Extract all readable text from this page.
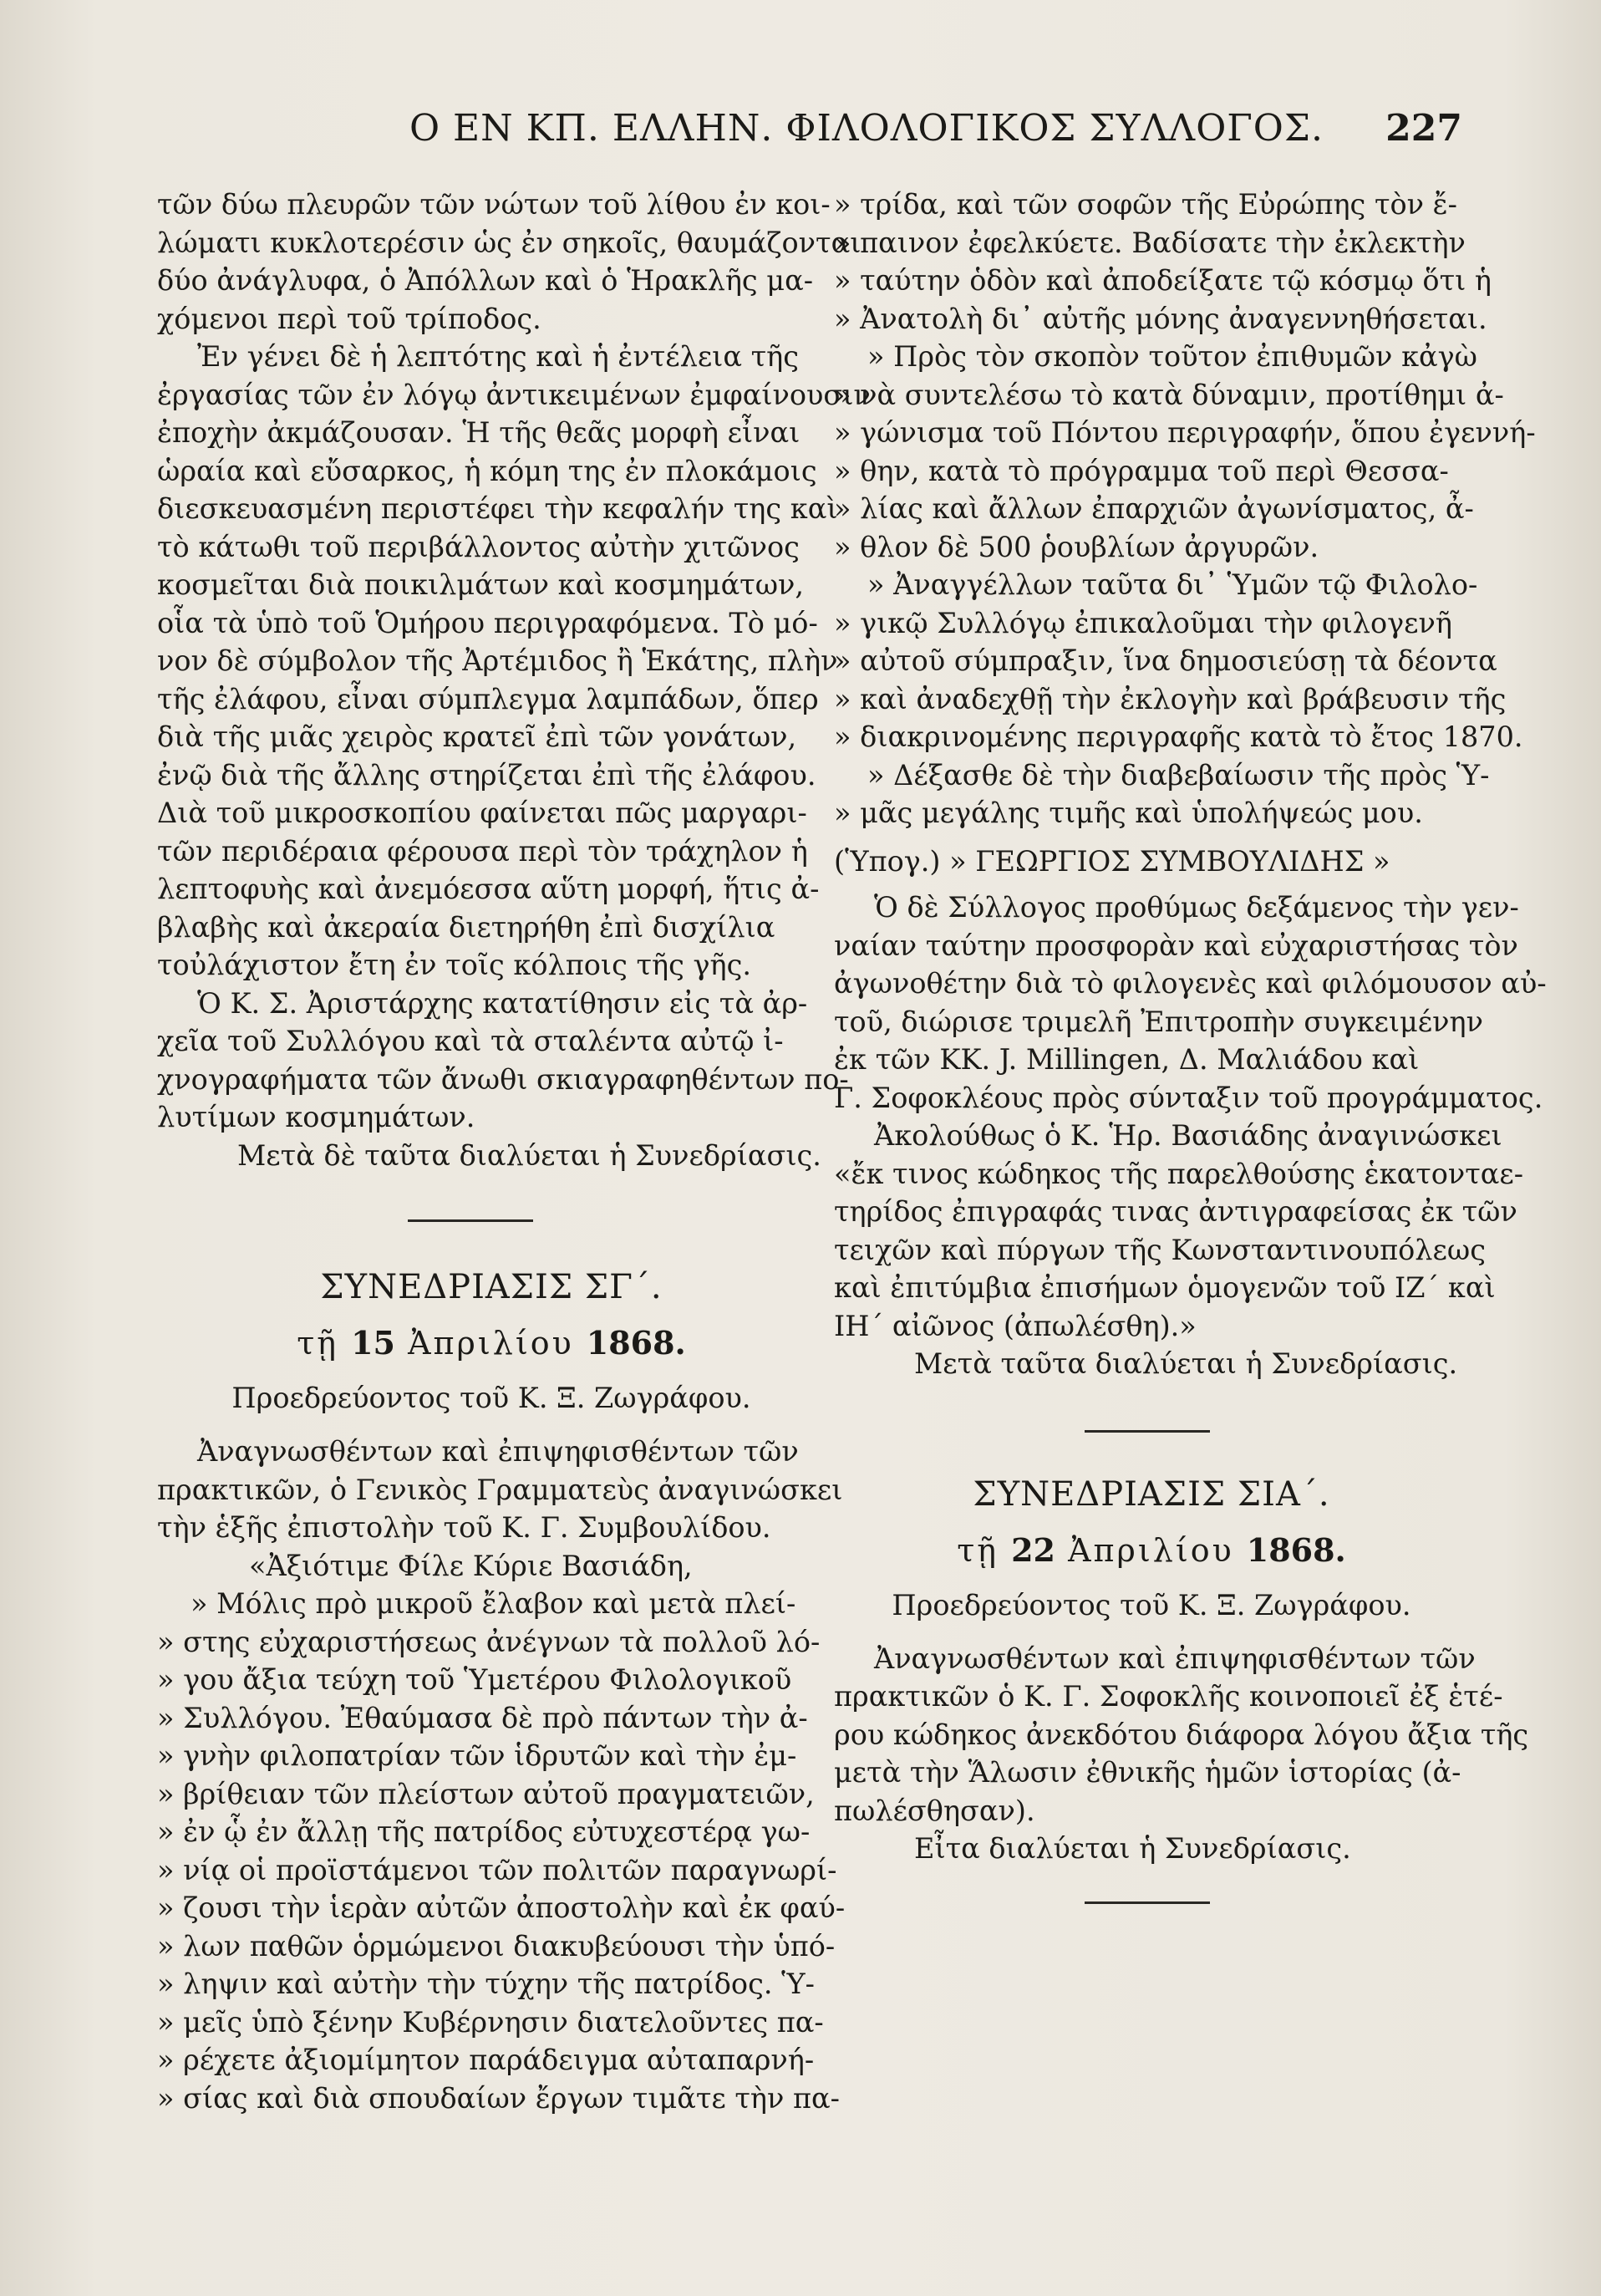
Ο ΕΝ ΚΠ. ΕΛΛΗΝ. ΦΙΛΟΛΟΓΙΚΟΣ ΣΥΛΛΟΓΟΣ. 227
τῶν δύω πλευρῶν τῶν νώτων τοῦ λίθου ἐν κοι-
λώματι κυκλοτερέσιν ὡς ἐν σηκοῖς, θαυμάζονται
δύο ἀνάγλυφα, ὁ Ἀπόλλων καὶ ὁ Ἡρακλῆς μα-
χόμενοι περὶ τοῦ τρίποδος.
Ἐν γένει δὲ ἡ λεπτότης καὶ ἡ ἐντέλεια τῆς
ἐργασίας τῶν ἐν λόγῳ ἀντικειμένων ἐμφαίνουσιν
ἐποχὴν ἀκμάζουσαν. Ἡ τῆς θεᾶς μορφὴ εἶναι
ὡραία καὶ εὔσαρκος, ἡ κόμη της ἐν πλοκάμοις
διεσκευασμένη περιστέφει τὴν κεφαλήν της καὶ
τὸ κάτωθι τοῦ περιβάλλοντος αὐτὴν χιτῶνος
κοσμεῖται διὰ ποικιλμάτων καὶ κοσμημάτων,
οἷα τὰ ὑπὸ τοῦ Ὁμήρου περιγραφόμενα. Τὸ μό-
νον δὲ σύμβολον τῆς Ἀρτέμιδος ἢ Ἑκάτης, πλὴν
τῆς ἐλάφου, εἶναι σύμπλεγμα λαμπάδων, ὅπερ
διὰ τῆς μιᾶς χειρὸς κρατεῖ ἐπὶ τῶν γονάτων,
ἐνῷ διὰ τῆς ἄλλης στηρίζεται ἐπὶ τῆς ἐλάφου.
Διὰ τοῦ μικροσκοπίου φαίνεται πῶς μαργαρι-
τῶν περιδέραια φέρουσα περὶ τὸν τράχηλον ἡ
λεπτοφυὴς καὶ ἀνεμόεσσα αὕτη μορφή, ἥτις ἀ-
βλαβὴς καὶ ἀκεραία διετηρήθη ἐπὶ δισχίλια
τοὐλάχιστον ἔτη ἐν τοῖς κόλποις τῆς γῆς.
Ὁ Κ. Σ. Ἀριστάρχης κατατίθησιν εἰς τὰ ἀρ-
χεῖα τοῦ Συλλόγου καὶ τὰ σταλέντα αὐτῷ ἰ-
χνογραφήματα τῶν ἄνωθι σκιαγραφηθέντων πο-
λυτίμων κοσμημάτων.
Μετὰ δὲ ταῦτα διαλύεται ἡ Συνεδρίασις.
ΣΥΝΕΔΡΙΑΣΙΣ ΣΓ΄.
τῇ 15 Ἀπριλίου 1868.
Προεδρεύοντος τοῦ Κ. Ξ. Ζωγράφου.
Ἀναγνωσθέντων καὶ ἐπιψηφισθέντων τῶν
πρακτικῶν, ὁ Γενικὸς Γραμματεὺς ἀναγινώσκει
τὴν ἑξῆς ἐπιστολὴν τοῦ Κ. Γ. Συμβουλίδου.
«Ἀξιότιμε Φίλε Κύριε Βασιάδη,
» Μόλις πρὸ μικροῦ ἔλαβον καὶ μετὰ πλεί-
» στης εὐχαριστήσεως ἀνέγνων τὰ πολλοῦ λό-
» γου ἄξια τεύχη τοῦ Ὑμετέρου Φιλολογικοῦ
» Συλλόγου. Ἐθαύμασα δὲ πρὸ πάντων τὴν ἀ-
» γνὴν φιλοπατρίαν τῶν ἱδρυτῶν καὶ τὴν ἐμ-
» βρίθειαν τῶν πλείστων αὐτοῦ πραγματειῶν,
» ἐν ᾧ ἐν ἄλλῃ τῆς πατρίδος εὐτυχεστέρᾳ γω-
» νίᾳ οἱ προϊστάμενοι τῶν πολιτῶν παραγνωρί-
» ζουσι τὴν ἱερὰν αὐτῶν ἀποστολὴν καὶ ἐκ φαύ-
» λων παθῶν ὁρμώμενοι διακυβεύουσι τὴν ὑπό-
» ληψιν καὶ αὐτὴν τὴν τύχην τῆς πατρίδος. Ὑ-
» μεῖς ὑπὸ ξένην Κυβέρνησιν διατελοῦντες πα-
» ρέχετε ἀξιομίμητον παράδειγμα αὐταπαρνή-
» σίας καὶ διὰ σπουδαίων ἔργων τιμᾶτε τὴν πα-
» τρίδα, καὶ τῶν σοφῶν τῆς Εὐρώπης τὸν ἔ-
» παινον ἐφελκύετε. Βαδίσατε τὴν ἐκλεκτὴν
» ταύτην ὁδὸν καὶ ἀποδείξατε τῷ κόσμῳ ὅτι ἡ
» Ἀνατολὴ δι᾽ αὐτῆς μόνης ἀναγεννηθήσεται.
» Πρὸς τὸν σκοπὸν τοῦτον ἐπιθυμῶν κἀγὼ
» νὰ συντελέσω τὸ κατὰ δύναμιν, προτίθημι ἀ-
» γώνισμα τοῦ Πόντου περιγραφήν, ὅπου ἐγεννή-
» θην, κατὰ τὸ πρόγραμμα τοῦ περὶ Θεσσα-
» λίας καὶ ἄλλων ἐπαρχιῶν ἀγωνίσματος, ἆ-
» θλον δὲ 500 ῥουβλίων ἀργυρῶν.
» Ἀναγγέλλων ταῦτα δι᾽ Ὑμῶν τῷ Φιλολο-
» γικῷ Συλλόγῳ ἐπικαλοῦμαι τὴν φιλογενῆ
» αὐτοῦ σύμπραξιν, ἵνα δημοσιεύσῃ τὰ δέοντα
» καὶ ἀναδεχθῇ τὴν ἐκλογὴν καὶ βράβευσιν τῆς
» διακρινομένης περιγραφῆς κατὰ τὸ ἔτος 1870.
» Δέξασθε δὲ τὴν διαβεβαίωσιν τῆς πρὸς Ὑ-
» μᾶς μεγάλης τιμῆς καὶ ὑπολήψεώς μου.
(Ὑπογ.) » ΓΕΩΡΓΙΟΣ ΣΥΜΒΟΥΛΙΔΗΣ »
Ὁ δὲ Σύλλογος προθύμως δεξάμενος τὴν γεν-
ναίαν ταύτην προσφορὰν καὶ εὐχαριστήσας τὸν
ἀγωνοθέτην διὰ τὸ φιλογενὲς καὶ φιλόμουσον αὐ-
τοῦ, διώρισε τριμελῆ Ἐπιτροπὴν συγκειμένην
ἐκ τῶν ΚΚ. J. Millingen, Δ. Μαλιάδου καὶ
Γ. Σοφοκλέους πρὸς σύνταξιν τοῦ προγράμματος.
Ἀκολούθως ὁ Κ. Ἡρ. Βασιάδης ἀναγινώσκει
«ἔκ τινος κώδηκος τῆς παρελθούσης ἑκατονταε-
τηρίδος ἐπιγραφάς τινας ἀντιγραφείσας ἐκ τῶν
τειχῶν καὶ πύργων τῆς Κωνσταντινουπόλεως
καὶ ἐπιτύμβια ἐπισήμων ὁμογενῶν τοῦ ΙΖ΄ καὶ
ΙΗ΄ αἰῶνος (ἀπωλέσθη).»
Μετὰ ταῦτα διαλύεται ἡ Συνεδρίασις.
ΣΥΝΕΔΡΙΑΣΙΣ ΣΙΑ΄.
τῇ 22 Ἀπριλίου 1868.
Προεδρεύοντος τοῦ Κ. Ξ. Ζωγράφου.
Ἀναγνωσθέντων καὶ ἐπιψηφισθέντων τῶν
πρακτικῶν ὁ Κ. Γ. Σοφοκλῆς κοινοποιεῖ ἐξ ἑτέ-
ρου κώδηκος ἀνεκδότου διάφορα λόγου ἄξια τῆς
μετὰ τὴν Ἅλωσιν ἐθνικῆς ἡμῶν ἱστορίας (ἀ-
πωλέσθησαν).
Εἶτα διαλύεται ἡ Συνεδρίασις.
